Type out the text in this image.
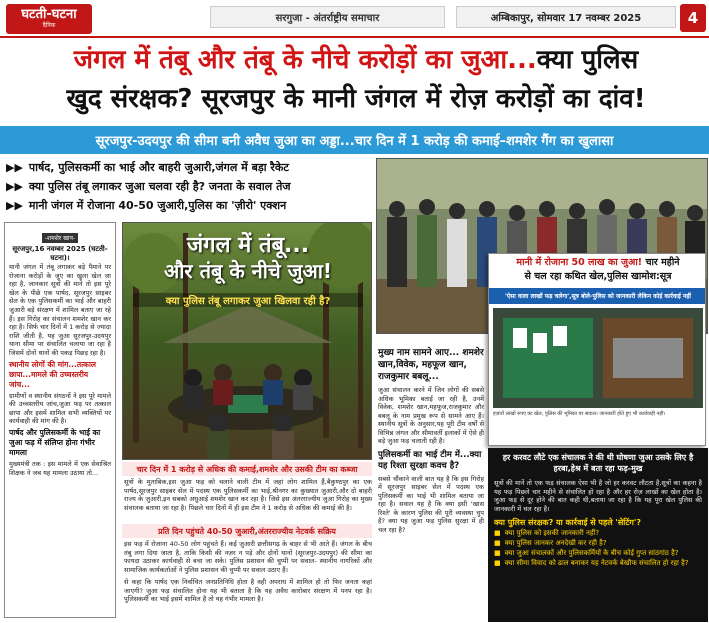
घटती-घटना
दैनिक
सरगुजा - अंतर्राष्ट्रीय समाचार	अम्बिकापुर, सोमवार 17 नवम्बर 2025	4
जंगल में तंबू और तंबू के नीचे करोड़ों का जुआ...क्या पुलिस
खुद संरक्षक? सूरजपुर के मानी जंगल में रोज़ करोड़ों का दांव!
सूरजपुर-उदयपुर की सीमा बनी अवैध जुआ का अड्डा...चार दिन में 1 करोड़ की कमाई–शमशेर गैंग का खुलासा
▶▶ पार्षद, पुलिसकर्मी का भाई और बाहरी जुआरी,जंगल में बड़ा रैकेट
▶▶ क्या पुलिस तंबू लगाकर जुआ चलवा रही है? जनता के सवाल तेज
▶▶ मानी जंगल में रोजाना 40-50 जुआरी,पुलिस का 'ज़ीरो' एक्शन
-शमशेर खान-
सूरजपुर,16 नवम्बर 2025 (घटती-घटना)।

मानी जंगल में तंबू लगाकर बड़े पैमाने पर रोजाना करोड़ों के जुए का खुला खेल जा रहा है, जानकार सूत्रों की माने तो इस पूरे खेल के पीछे एक पार्षद, सूरजपुर साइबर सेल के एक पुलिसकर्मी का भाई और बाहरी जुआरी बड़े संरक्षण में शामिल बताए जा रहे हैं। इस गिरोह का संचालन शमशेर खान कर रहा है। सिर्फ चार दिनों में 1 करोड़ से ज्यादा राशि जीती है, यह जुआ सूरजपुर-उदयपुर थाना सीमा पर संचालित चलाया जा रहा है जिसमें दोनों थानों की पकड़ पिछड़ रहा है।

स्थानीय लोगों की मांग...तत्काल छापा...मामले की उच्चस्तरीय जांच...

ग्रामीणों व स्थानीय संगठनों ने इस पूरे मामले की उच्चस्तरीय जांच,जुआ फड़ पर तत्काल छापा और इसमें शामिल सभी व्यक्तियों पर कार्यवाही की मांग की है।

पार्षद और पुलिसकर्मी के भाई का जुआ फड़ में संलिप्त होना गंभीर मामला

मुख्यमंत्री तक : इस मामले में एक सेवाश्रित शिक्षक ने जब यह मामला उठाया तो...

जंगल में तंबू...
और तंबू के नीचे जुआ!
क्या पुलिस तंबू लगाकर जुआ खिलवा रही है?
चार दिन में 1 करोड़ से अधिक की कमाई,शमशेर और उसकी टीम का कब्जा
सूत्रों के मुताबिक,इस जुआ फड़ को चलाने वाली टीम में जहां लोग शामिल हैं,बैकुण्ठपुर का एक पार्षद,सूरजपुर साइबर सेल में पदस्थ एक पुलिसकर्मी का भाई,श्रीनगर का कुख्यात जुआरी,और दो बाहरी राज्य के जुआरी,इन सबको अधुआई शमशेर खान कर रहा है। जिसे इस अंतरराज्यीय जुआ गिरोह का मुख्य संचालक बताया जा रहा है। पिछले चार दिनों में ही इस टीम ने 1 करोड़ से अधिक की कमाई की है।
प्रति दिन पहुंचते 40-50 जुआरी,अंतरराज्यीय नेटवर्क सक्रिय
इस फड़ में रोजाना 40-50 लोग पहुंचते हैं। कई जुआरी छत्तीसगढ़ के बाहर से भी आते हैं। जंगल के बीच तंबू लगा दिया जाता है, ताकि किसी की नज़र न पड़े और दोनों थानों (सूरजपुर-उदयपुर) की सीमा का फायदा उठाकर कार्यवाही से बचा जा सके। पुलिस प्रशासन की चुप्पी पर सवाल- स्थानीय नागरिकों और सामाजिक कार्यकर्ताओं ने पुलिस प्रशासन की चुप्पी पर सवाल उठाए हैं।
से कहा कि पार्षद एक निर्वाचित जनप्रतिनिधि होता है वही अपराध में शामिल हो तो फिर जनता कहां जाएगी? जुआ फड़ संचालित होना यह भी बताता है कि यह अवैध कारोबार संरक्षण में पनप रहा है। पुलिसकर्मी का भाई इसमें शामिल है तो यह गंभीर मामला है।
मानी में रोजाना 50 लाख का जुआ! चार महीने
से चल रहा कथित खेल,पुलिस खामोश:सूत्र
'ऐसा वाला लाखों फड़ चलेगा',सूत्र बोले-पुलिस को जानकारी लेकिन कोई कार्रवाई नहीं
हज़ारों लाखों रुपए का खेल, पुलिस की भूमिका पर सवाल। जानकारी होते हुए भी कार्यवाही नहीं।
मुख्य नाम सामने आए... शमशेर खान,विवेक, महफूज खान, राजकुमार बबलू...

जुआ संचालन करने में जिन लोगों की सबसे अधिक भूमिका बताई जा रही है, उनमें विवेक, शमशेर खान,महफूज,राजकुमार और बबलू के नाम प्रमुख रूप से सामने आए हैं। स्थानीय सूत्रों के अनुसार,यह पूरी टीम वर्षों से विभिन्न जंगल और सीमावर्ती इलाकों में ऐसे ही बड़े जुआ फड़ चलाती रही है।

पुलिसकर्मी का भाई टीम में...क्या यह रिश्ता सुरक्षा कवच है?

सबसे चौंकाने वाली बात यह है कि इस गिरोह में सूरजपुर साइबर सेल में पदस्थ एक पुलिसकर्मी का भाई भी शामिल बताया जा रहा है। सवाल यह है कि क्या इसी 'खास रिश्ते' के कारण पुलिस की पूरी व्यवस्था चुप है? क्या यह जुआ फड़ पुलिस सुरक्षा में ही चल रहा है?

हर करवट लौटे एक संचालक ने की थी घोषणा जुआ उसके लिए है हरबा,हेश्र में बता रहा फड़-मुख

सूत्रों की मानें तो एक फड़ संचालक ऐसा भी है जो हर करवट लौटता है,सूत्रों का कहना है यह फड़ पिछले चार महीने से संचालित हो रहा है और हर रोज़ लाखों का खेल होता है। जुआ फड़ से दूर होने की बात कही थी,बताया जा रहा है कि यह पूरा खेल पुलिस की जानकारी में चल रहा है।

क्या पुलिस संरक्षक? या कार्रवाई से पहले 'सेटिंग'?
■ क्या पुलिस को इसकी जानकारी नहीं?
■ क्या पुलिस जानकर अनदेखी कर रही है?
■ क्या जुआ संचालकों और पुलिसकर्मियों के बीच कोई गुप्त सांठगांठ है?
■ क्या सीमा विवाद को ढाल बनाकर यह नेटवर्क बेखौफ संचालित हो रहा है?
